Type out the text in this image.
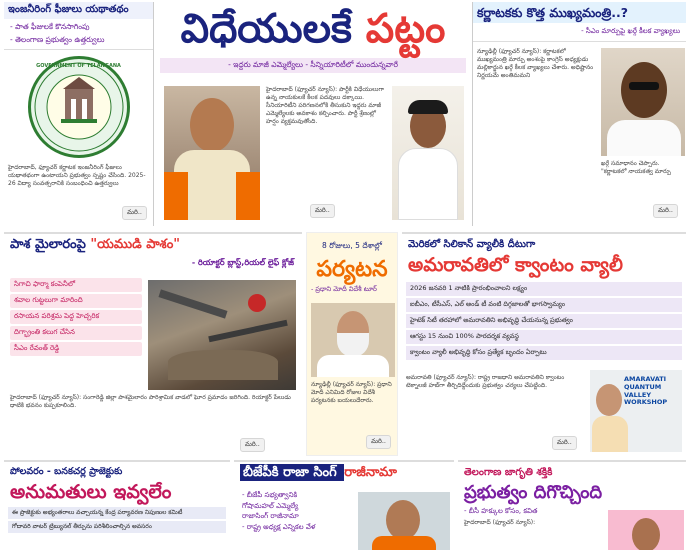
ఇంజనీరింగ్ ఫీజులు యథాతథం
- పాత ఫీజులకే కొనసాగింపు
- తెలంగాణ ప్రభుత్వం ఉత్తర్వులు
GOVERNMENT OF TELANGANA
హైదరాబాద్, ఫ్యూచర్ కర్ణాటక ఇంజనీరింగ్ ఫీజులు యథాతథంగా ఉంటాయని ప్రభుత్వం స్పష్టం చేసింది. 2025-26 విద్యా సంవత్సరానికి సంబంధించి ఉత్తర్వులు
మరి..
విధేయులకే పట్టం
- ఇద్దరు మాజీ ఎమ్మెల్యేలు - సీన్నియారిటీలో ముందున్నవారే
హైదరాబాద్ (ఫ్యూచర్ న్యూస్): పార్టీకి విధేయులుగా ఉన్న నాయకులకే కీలక పదవులు దక్కాయి. సీనియారిటీని పరిగణనలోకి తీసుకుని ఇద్దరు మాజీ ఎమ్మెల్యేలకు అవకాశం కల్పించారు. పార్టీ శ్రేణుల్లో హర్షం వ్యక్తమవుతోంది.
మరి..
కర్ణాటకకు కొత్త ముఖ్యమంత్రి..?
- సీఎం మార్పుపై ఖర్గే కీలక వ్యాఖ్యలు
న్యూఢిల్లీ (ఫ్యూచర్ న్యూస్): కర్ణాటకలో ముఖ్యమంత్రి మార్పు అంశంపై కాంగ్రెస్ అధ్యక్షుడు మల్లికార్జున ఖర్గే కీలక వ్యాఖ్యలు చేశారు. అధిష్టానం నిర్ణయమే అంతిమమని
ఖర్గే సమాధానం చెప్పారు. "కర్ణాటకలో నాయకత్వ మార్పు
మరి..
పాశ మైలారంపై "యముడి పాశం"
- రియాక్టర్ బ్లాస్ట్,రియల్ లైఫ్ క్లోజ్
సిగాచి ఫార్మా కంపెనీలో
శవాల గుట్టలుగా మారింది
రసాయన పరిశ్రమ పెద్ద హెచ్చరిక
దిగ్భ్రాంతి కలుగ చేసిన
సీఎం రేవంత్ రెడ్డి
హైదరాబాద్ (ఫ్యూచర్ న్యూస్): సంగారెడ్డి జిల్లా పాశమైలారం పారిశ్రామిక వాడలో ఘోర ప్రమాదం జరిగింది. రియాక్టర్ పేలుడు ధాటికి భవనం కుప్పకూలింది.
మరి..
8 రోజులు, 5 దేశాల్లో
పర్యటన
- ప్రధాని మోదీ విదేశీ టూర్
న్యూఢిల్లీ (ఫ్యూచర్ న్యూస్): ప్రధాని మోదీ ఎనిమిది రోజుల విదేశీ పర్యటనకు బయలుదేరారు.
మరి..
మెరికలో సిలికాన్ వ్యాలీకి దీటుగా
అమరావతిలో క్వాంటం వ్యాలీ
2026 జనవరి 1 నాటికి ప్రారంభించాలని లక్ష్యం
ఐబీఎం, టీసీఎస్, ఎల్ అండ్ టీ వంటి దిగ్గజాలతో భాగస్వామ్యం
హైటెక్ సిటీ తరహాలో అమరావతిని అభివృద్ధి చేయనున్న ప్రభుత్వం
ఆగస్టు 15 నుంచి 100% పారదర్శక వ్యవస్థ
క్వాంటం వ్యాలీ అభివృద్ధి కోసం ప్రత్యేక బృందం ఏర్పాటు
అమరావతి (ఫ్యూచర్ న్యూస్): రాష్ట్ర రాజధాని అమరావతిని క్వాంటం టెక్నాలజీ హబ్‌గా తీర్చిదిద్దేందుకు ప్రభుత్వం చర్యలు చేపట్టింది.
AMARAVATI QUANTUM VALLEY WORKSHOP
మరి..
పోలవరం - బనకచర్ల ప్రాజెక్టుకు
అనుమతులు ఇవ్వలేం
ఈ ప్రాజెక్టుకు అభ్యంతరాలు వచ్చాయన్న కేంద్ర పర్యావరణ నిపుణుల కమిటీ
గోదావరి వాటర్ ట్రిబ్యునల్ తీర్పును పరిశీలించాల్సిన అవసరం
బీజేపీకి రాజా సింగ్ రాజీనామా
- బీజేపీ సభ్యత్వానికి
గోషామహల్ ఎమ్మెల్యే
రాజాసింగ్ రాజీనామా
- రాష్ట్ర అధ్యక్ష ఎన్నికల వేళ
తెలంగాణ జాగృతి శక్తికి
ప్రభుత్వం దిగొచ్చింది
- బీసీ హక్కుల కోసం, కవిత
హైదరాబాద్ (ఫ్యూచర్ న్యూస్):
